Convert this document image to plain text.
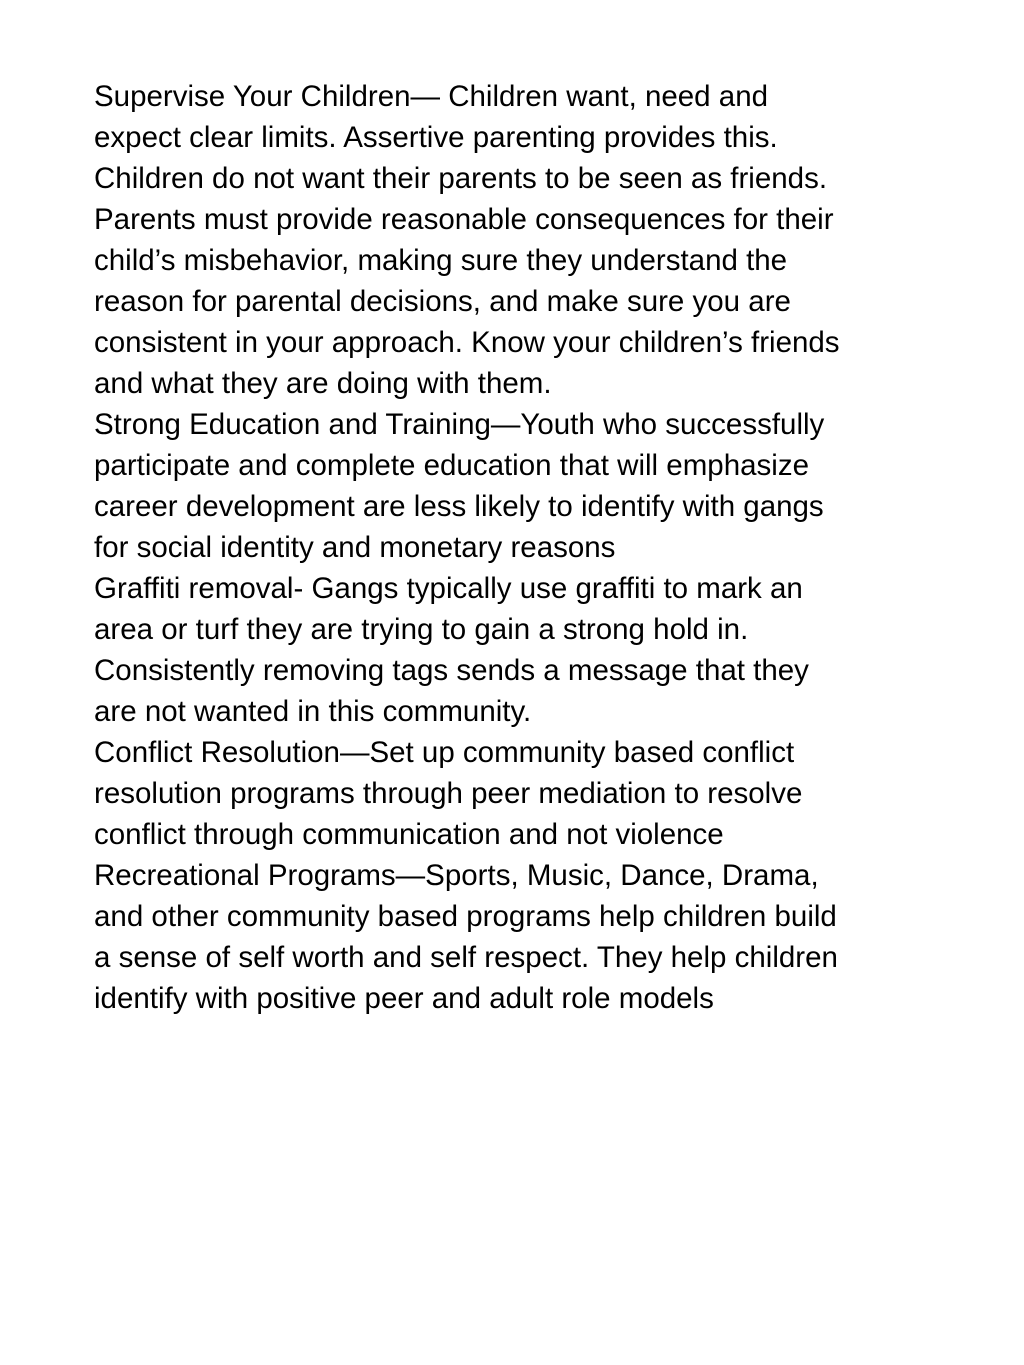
Supervise Your Children— Children want, need and
expect clear limits. Assertive parenting provides this.
Children do not want their parents to be seen as friends.
Parents must provide reasonable consequences for their
child’s misbehavior, making sure they understand the
reason for parental decisions, and make sure you are
consistent in your approach. Know your children’s friends
and what they are doing with them.
Strong Education and Training—Youth who successfully
participate and complete education that will emphasize
career development are less likely to identify with gangs
for social identity and monetary reasons
Graffiti removal- Gangs typically use graffiti to mark an
area or turf they are trying to gain a strong hold in.
Consistently removing tags sends a message that they
are not wanted in this community.
Conflict Resolution—Set up community based conflict
resolution programs through peer mediation to resolve
conflict through communication and not violence
Recreational Programs—Sports, Music, Dance, Drama,
and other community based programs help children build
a sense of self worth and self respect. They help children
identify with positive peer and adult role models
